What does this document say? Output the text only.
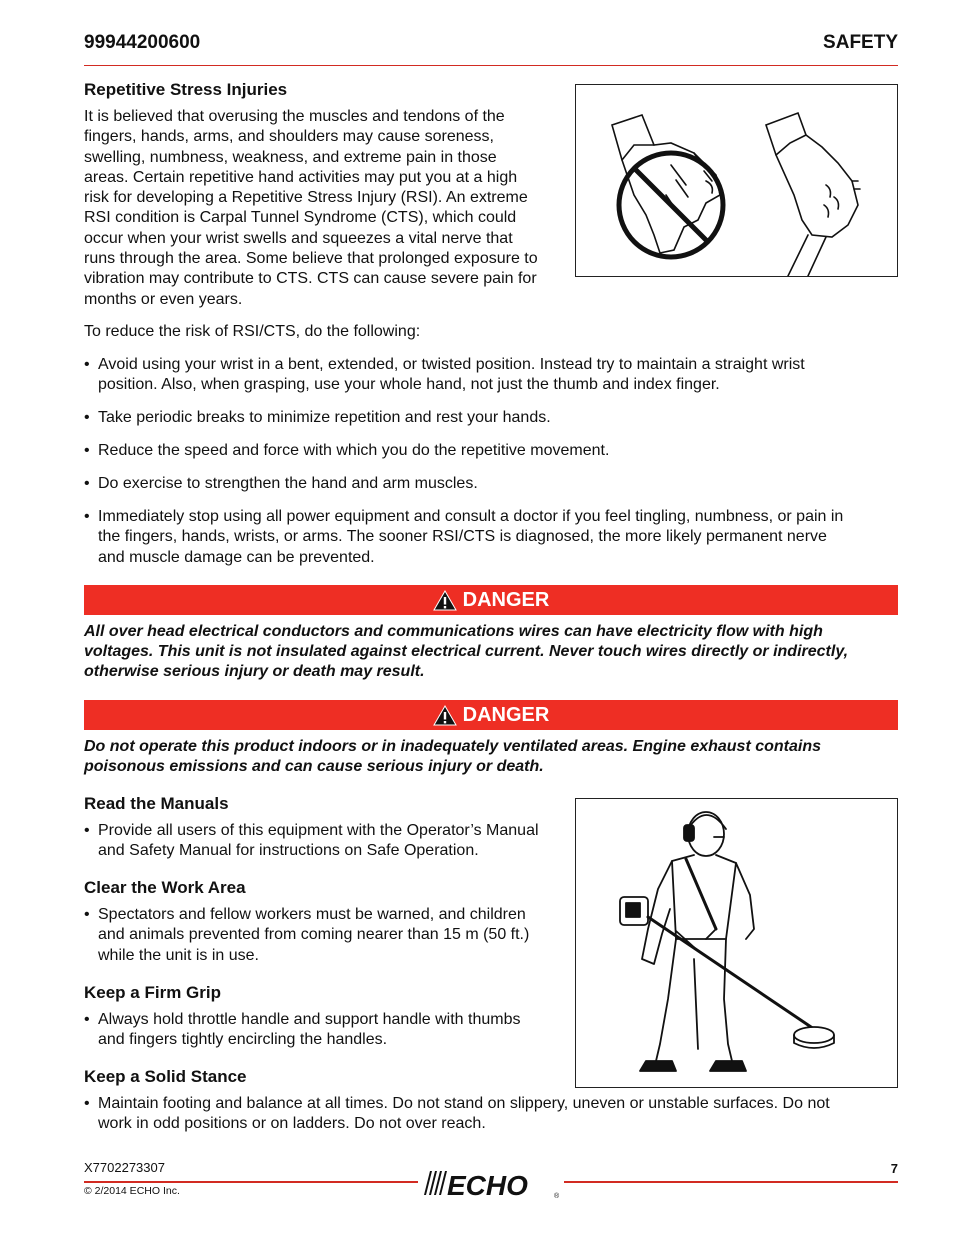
99944200600	SAFETY
Repetitive Stress Injuries
It is believed that overusing the muscles and tendons of the
fingers, hands, arms, and shoulders may cause soreness,
swelling, numbness, weakness, and extreme pain in those
areas. Certain repetitive hand activities may put you at a high
risk for developing a Repetitive Stress Injury (RSI). An extreme
RSI condition is Carpal Tunnel Syndrome (CTS), which could
occur when your wrist swells and squeezes a vital nerve that
runs through the area. Some believe that prolonged exposure to
vibration may contribute to CTS. CTS can cause severe pain for
months or even years.
To reduce the risk of RSI/CTS, do the following:
• Avoid using your wrist in a bent, extended, or twisted position. Instead try to maintain a straight wrist
position. Also, when grasping, use your whole hand, not just the thumb and index finger.
• Take periodic breaks to minimize repetition and rest your hands.
• Reduce the speed and force with which you do the repetitive movement.
• Do exercise to strengthen the hand and arm muscles.
• Immediately stop using all power equipment and consult a doctor if you feel tingling, numbness, or pain in
the fingers, hands, wrists, or arms. The sooner RSI/CTS is diagnosed, the more likely permanent nerve
and muscle damage can be prevented.
DANGER
All over head electrical conductors and communications wires can have electricity flow with high
voltages. This unit is not insulated against electrical current. Never touch wires directly or indirectly,
otherwise serious injury or death may result.
DANGER
Do not operate this product indoors or in inadequately ventilated areas. Engine exhaust contains
poisonous emissions and can cause serious injury or death.
Read the Manuals
• Provide all users of this equipment with the Operator’s Manual
and Safety Manual for instructions on Safe Operation.
Clear the Work Area
• Spectators and fellow workers must be warned, and children
and animals prevented from coming nearer than 15 m (50 ft.)
while the unit is in use.
Keep a Firm Grip
• Always hold throttle handle and support handle with thumbs
and fingers tightly encircling the handles.
Keep a Solid Stance
• Maintain footing and balance at all times. Do not stand on slippery, uneven or unstable surfaces. Do not
work in odd positions or on ladders. Do not over reach.
X7702273307
© 2/2014 ECHO Inc.
7
ECHO	®
